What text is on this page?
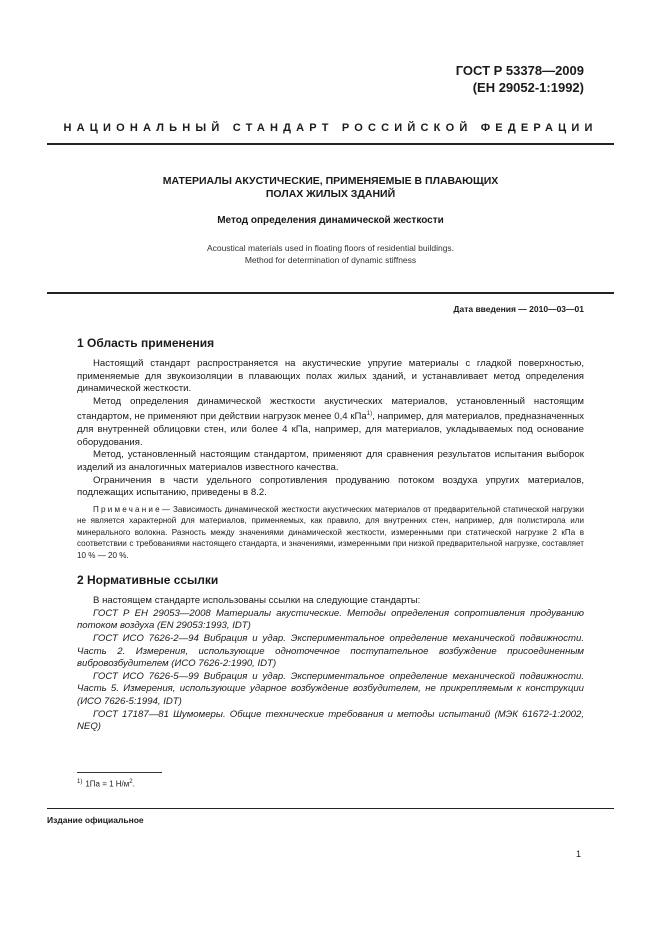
ГОСТ Р 53378—2009
(ЕН 29052-1:1992)
НАЦИОНАЛЬНЫЙ СТАНДАРТ РОССИЙСКОЙ ФЕДЕРАЦИИ
МАТЕРИАЛЫ АКУСТИЧЕСКИЕ, ПРИМЕНЯЕМЫЕ В ПЛАВАЮЩИХ
ПОЛАХ ЖИЛЫХ ЗДАНИЙ
Метод определения динамической жесткости
Acoustical materials used in floating floors of residential buildings.
Method for determination of dynamic stiffness
Дата введения — 2010—03—01
1 Область применения

Настоящий стандарт распространяется на акустические упругие материалы с гладкой поверхностью, применяемые для звукоизоляции в плавающих полах жилых зданий, и устанавливает метод определения динамической жесткости.

Метод определения динамической жесткости акустических материалов, установленный настоящим стандартом, не применяют при действии нагрузок менее 0,4 кПа$^{1)}$, например, для материалов, предназначенных для внутренней облицовки стен, или более 4 кПа, например, для материалов, укладываемых под основание оборудования.

Метод, установленный настоящим стандартом, применяют для сравнения результатов испытания выборок изделий из аналогичных материалов известного качества.

Ограничения в части удельного сопротивления продуванию потоком воздуха упругих материалов, подлежащих испытанию, приведены в 8.2.

Примечание— Зависимость динамической жесткости акустических материалов от предварительной статической нагрузки не является характерной для материалов, применяемых, как правило, для внутренних стен, например, для полистирола или минерального волокна. Разность между значениями динамической жесткости, измеренными при статической нагрузке 2 кПа в соответствии с требованиями настоящего стандарта, и значениями, измеренными при низкой предварительной нагрузке, составляет 10 % — 20 %.

2 Нормативные ссылки

В настоящем стандарте использованы ссылки на следующие стандарты:

ГОСТ Р ЕН 29053—2008 Материалы акустические. Методы определения сопротивления продуванию потоком воздуха (EN 29053:1993, IDT)

ГОСТ ИСО 7626-2—94 Вибрация и удар. Экспериментальное определение механической подвижности. Часть 2. Измерения, использующие одноточечное поступательное возбуждение присоединенным вибровозбудителем (ИСО 7626-2:1990, IDT)

ГОСТ ИСО 7626-5—99 Вибрация и удар. Экспериментальное определение механической подвижности. Часть 5. Измерения, использующие ударное возбуждение возбудителем, не прикрепляемым к конструкции (ИСО 7626-5:1994, IDT)

ГОСТ 17187—81 Шумомеры. Общие технические требования и методы испытаний (МЭК 61672-1:2002, NEQ)

$^{1)}$ 1Па = 1 $Н/м^2$.
Издание официальное
1
